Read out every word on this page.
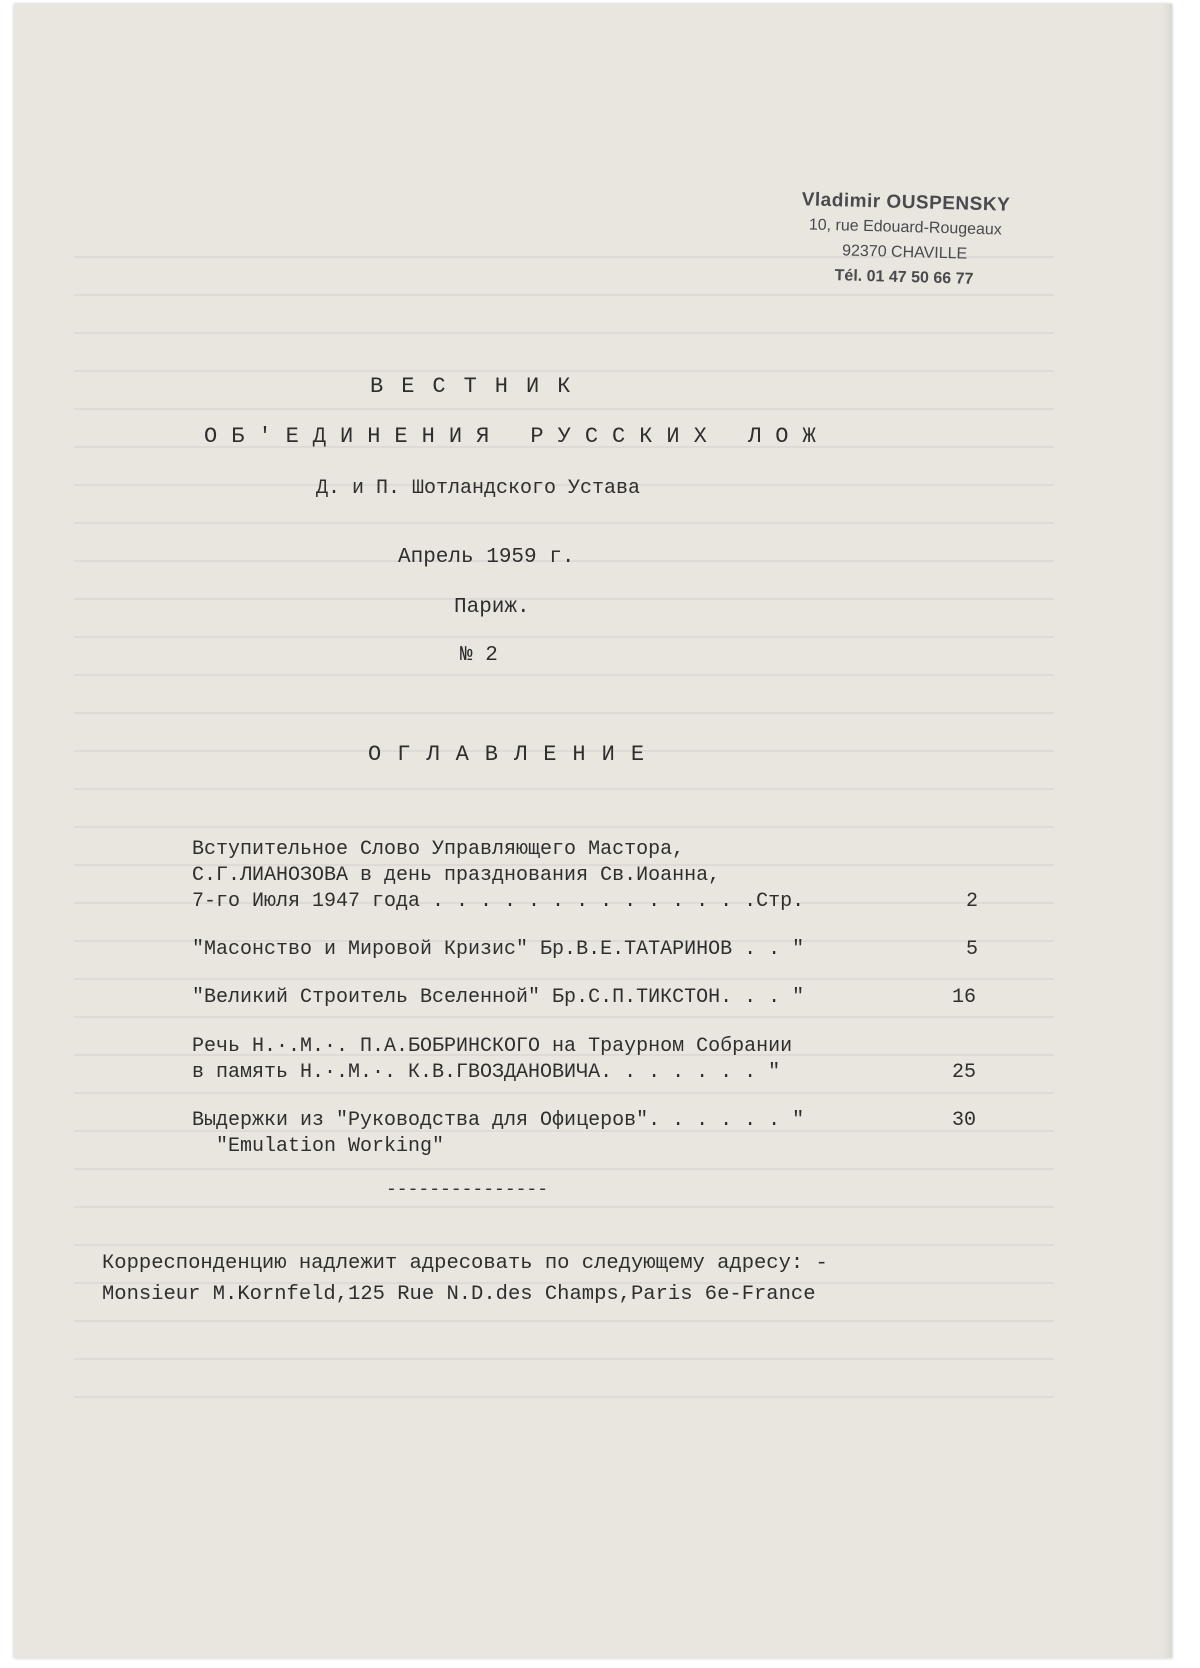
Vladimir OUSPENSKY
10, rue Edouard-Rougeaux
92370 CHAVILLE
Tél. 01 47 50 66 77
ВЕСТНИК
ОБ'ЕДИНЕНИЯ РУССКИХ ЛОЖ
Д. и П. Шотландского Устава
Апрель 1959 г.
Париж.
№ 2
ОГЛАВЛЕНИЕ
Вступительное Слово Управляющего Мастора,
С.Г.ЛИАНОЗОВА в день празднования Св.Иоанна,
7-го Июля 1947 года . . . . . . . . . . . . . .Стр.	2
"Масонство и Мировой Кризис" Бр.В.Е.ТАТАРИНОВ . . "	5
"Великий Строитель Вселенной" Бр.С.П.ТИКСТОН. . . "	16
Речь Н.·.М.·. П.А.БОБРИНСКОГО на Траурном Собрании
в память Н.·.М.·. К.В.ГВОЗДАНОВИЧА. . . . . . . "	25
Выдержки из "Руководства для Офицеров". . . . . . "	30
"Emulation Working"
---------------
Корреспонденцию надлежит адресовать по следующему адресу: -
Monsieur M.Kornfeld,125 Rue N.D.des Champs,Paris 6e-France
